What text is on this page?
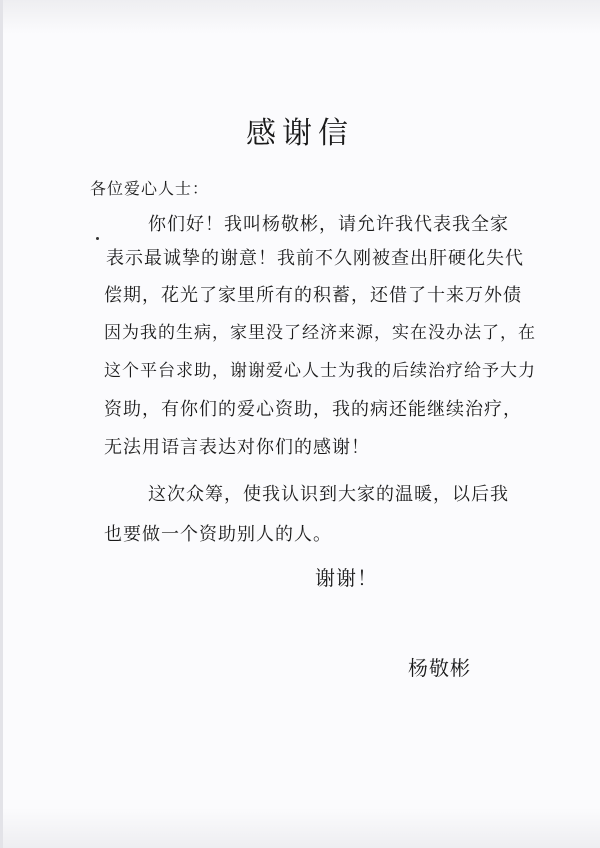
感谢信
各位爱心人士：
你们好！我叫杨敬彬，请允许我代表我全家
表示最诚挚的谢意！我前不久刚被查出肝硬化失代
偿期，花光了家里所有的积蓄，还借了十来万外债
因为我的生病，家里没了经济来源，实在没办法了，在
这个平台求助，谢谢爱心人士为我的后续治疗给予大力
资助，有你们的爱心资助，我的病还能继续治疗，
无法用语言表达对你们的感谢！
这次众筹，使我认识到大家的温暖，以后我
也要做一个资助别人的人。
谢谢！
杨敬彬
